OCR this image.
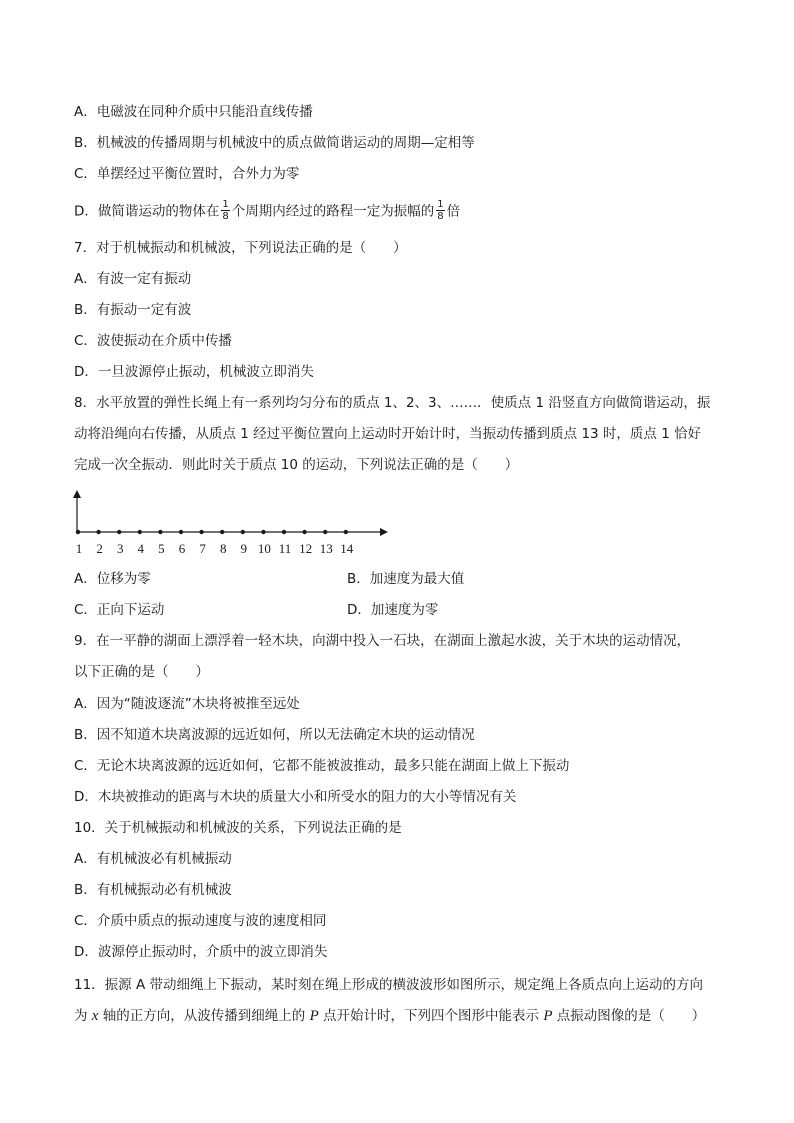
A．电磁波在同种介质中只能沿直线传播
B．机械波的传播周期与机械波中的质点做简谐运动的周期—定相等
C．单摆经过平衡位置时，合外力为零
D．做简谐运动的物体在 $\frac{1}{8}$ 个周期内经过的路程一定为振幅的 $\frac{1}{8}$ 倍
7．对于机械振动和机械波，下列说法正确的是（　　）
A．有波一定有振动
B．有振动一定有波
C．波使振动在介质中传播
D．一旦波源停止振动，机械波立即消失
8．水平放置的弹性长绳上有一系列均匀分布的质点 1、2、3、……．使质点 1 沿竖直方向做简谐运动，振
动将沿绳向右传播，从质点 1 经过平衡位置向上运动时开始计时，当振动传播到质点 13 时，质点 1 恰好
完成一次全振动．则此时关于质点 10 的运动，下列说法正确的是（　　）
1 2 3 4 5 6 7 8 9 10 11 12 13 14
A．位移为零	B．加速度为最大值
C．正向下运动	D．加速度为零
9．在一平静的湖面上漂浮着一轻木块，向湖中投入一石块，在湖面上激起水波，关于木块的运动情况，
以下正确的是（　　）
A．因为“随波逐流”木块将被推至远处
B．因不知道木块离波源的远近如何，所以无法确定木块的运动情况
C．无论木块离波源的远近如何，它都不能被波推动，最多只能在湖面上做上下振动
D．木块被推动的距离与木块的质量大小和所受水的阻力的大小等情况有关
10．关于机械振动和机械波的关系，下列说法正确的是
A．有机械波必有机械振动
B．有机械振动必有机械波
C．介质中质点的振动速度与波的速度相同
D．波源停止振动时，介质中的波立即消失
11．振源 A 带动细绳上下振动，某时刻在绳上形成的横波波形如图所示，规定绳上各质点向上运动的方向
为 x 轴的正方向，从波传播到细绳上的 P 点开始计时，下列四个图形中能表示 P 点振动图像的是（　　）
